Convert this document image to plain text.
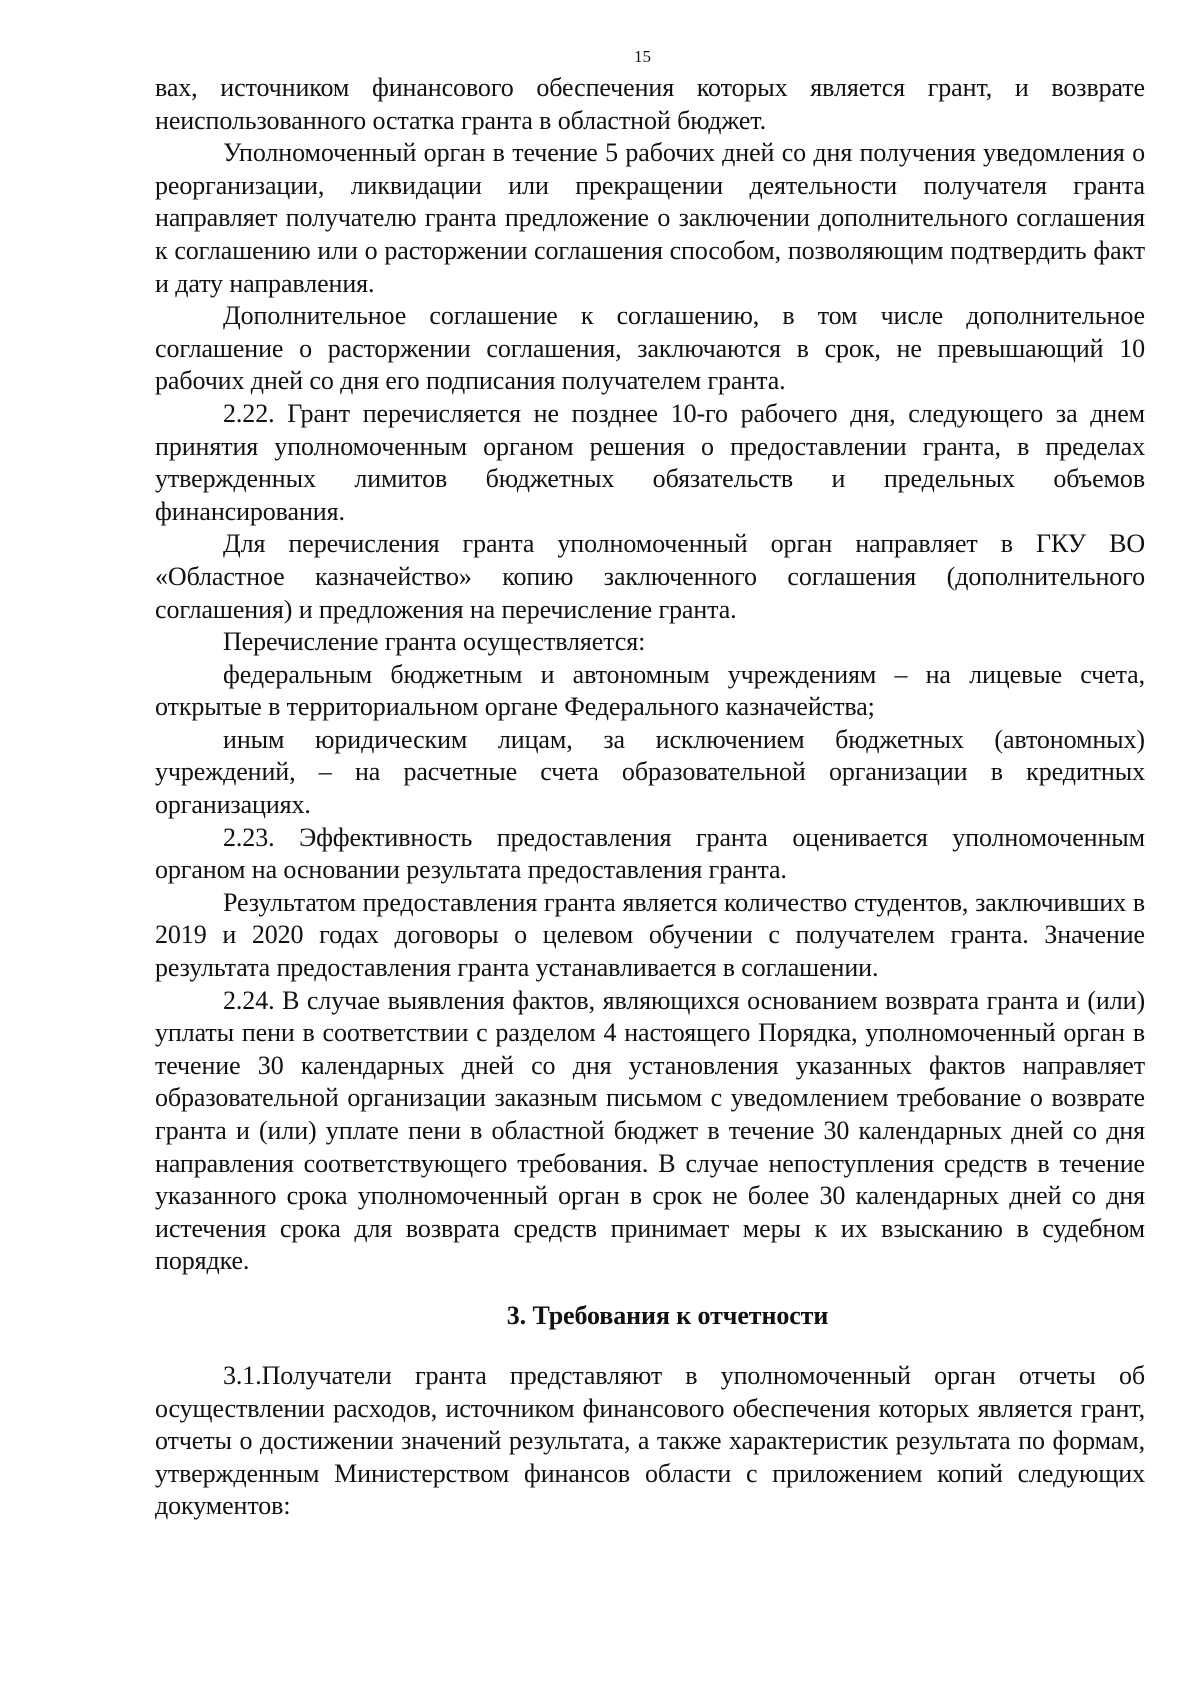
15

вах, источником финансового обеспечения которых является грант, и возврате неиспользованного остатка гранта в областной бюджет.

Уполномоченный орган в течение 5 рабочих дней со дня получения уведомления о реорганизации, ликвидации или прекращении деятельности получателя гранта направляет получателю гранта предложение о заключении дополнительного соглашения к соглашению или о расторжении соглашения способом, позволяющим подтвердить факт и дату направления.

Дополнительное соглашение к соглашению, в том числе дополнительное соглашение о расторжении соглашения, заключаются в срок, не превышающий 10 рабочих дней со дня его подписания получателем гранта.

2.22. Грант перечисляется не позднее 10-го рабочего дня, следующего за днем принятия уполномоченным органом решения о предоставлении гранта, в пределах утвержденных лимитов бюджетных обязательств и предельных объемов финансирования.

Для перечисления гранта уполномоченный орган направляет в ГКУ ВО «Областное казначейство» копию заключенного соглашения (дополнительного соглашения) и предложения на перечисление гранта.

Перечисление гранта осуществляется:

федеральным бюджетным и автономным учреждениям – на лицевые счета, открытые в территориальном органе Федерального казначейства;

иным юридическим лицам, за исключением бюджетных (автономных) учреждений, – на расчетные счета образовательной организации в кредитных организациях.

2.23. Эффективность предоставления гранта оценивается уполномоченным органом на основании результата предоставления гранта.

Результатом предоставления гранта является количество студентов, заключивших в 2019 и 2020 годах договоры о целевом обучении с получателем гранта. Значение результата предоставления гранта устанавливается в соглашении.

2.24. В случае выявления фактов, являющихся основанием возврата гранта и (или) уплаты пени в соответствии с разделом 4 настоящего Порядка, уполномоченный орган в течение 30 календарных дней со дня установления указанных фактов направляет образовательной организации заказным письмом с уведомлением требование о возврате гранта и (или) уплате пени в областной бюджет в течение 30 календарных дней со дня направления соответствующего требования. В случае непоступления средств в течение указанного срока уполномоченный орган в срок не более 30 календарных дней со дня истечения срока для возврата средств принимает меры к их взысканию в судебном порядке.

3. Требования к отчетности

3.1.Получатели гранта представляют в уполномоченный орган отчеты об осуществлении расходов, источником финансового обеспечения которых является грант, отчеты о достижении значений результата, а также характеристик результата по формам, утвержденным Министерством финансов области с приложением копий следующих документов:
